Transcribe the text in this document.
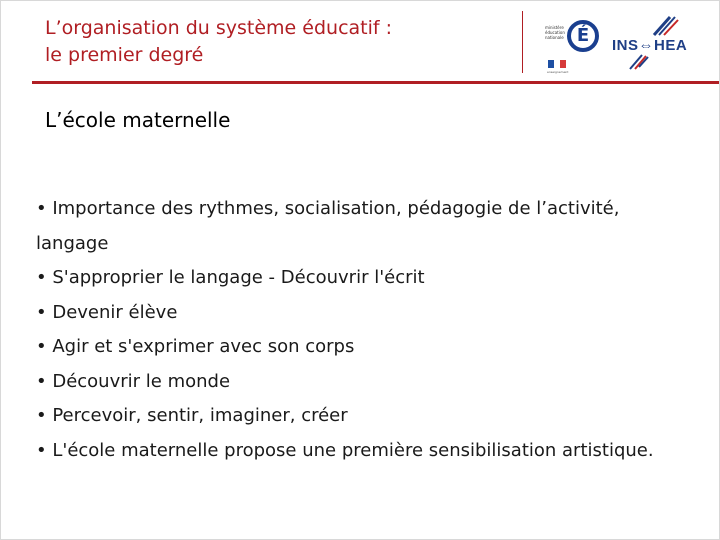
L’organisation du système éducatif :
le premier degré
ministère
éducation
nationale É
enseignement
INS⇔HEA
L’école maternelle
• Importance des rythmes, socialisation, pédagogie de l’activité, langage
• S'approprier le langage - Découvrir l'écrit
• Devenir élève
• Agir et s'exprimer avec son corps
• Découvrir le monde
• Percevoir, sentir, imaginer, créer
• L'école maternelle propose une première sensibilisation artistique.
